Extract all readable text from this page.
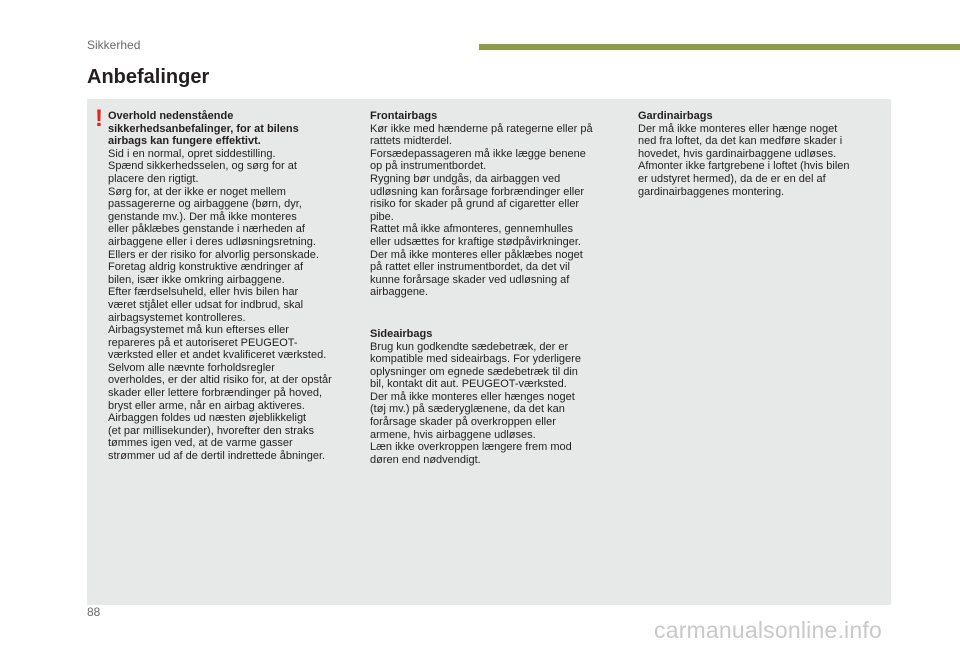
Sikkerhed
Anbefalinger
! Overhold nedenstående
sikkerhedsanbefalinger, for at bilens
airbags kan fungere effektivt.

Sid i en normal, opret siddestilling.
Spænd sikkerhedsselen, og sørg for at
placere den rigtigt.
Sørg for, at der ikke er noget mellem
passagererne og airbaggene (børn, dyr,
genstande mv.). Der må ikke monteres
eller påklæbes genstande i nærheden af
airbaggene eller i deres udløsningsretning.
Ellers er der risiko for alvorlig personskade.
Foretag aldrig konstruktive ændringer af
bilen, især ikke omkring airbaggene.
Efter færdselsuheld, eller hvis bilen har
været stjålet eller udsat for indbrud, skal
airbagsystemet kontrolleres.
Airbagsystemet må kun efterses eller
repareres på et autoriseret PEUGEOT-
værksted eller et andet kvalificeret værksted.
Selvom alle nævnte forholdsregler
overholdes, er der altid risiko for, at der opstår
skader eller lettere forbrændinger på hoved,
bryst eller arme, når en airbag aktiveres.
Airbaggen foldes ud næsten øjeblikkeligt
(et par millisekunder), hvorefter den straks
tømmes igen ved, at de varme gasser
strømmer ud af de dertil indrettede åbninger.

Frontairbags

Kør ikke med hænderne på rategerne eller på
rattets midterdel.
Forsædepassageren må ikke lægge benene
op på instrumentbordet.
Rygning bør undgås, da airbaggen ved
udløsning kan forårsage forbrændinger eller
risiko for skader på grund af cigaretter eller
pibe.
Rattet må ikke afmonteres, gennemhulles
eller udsættes for kraftige stødpåvirkninger.
Der må ikke monteres eller påklæbes noget
på rattet eller instrumentbordet, da det vil
kunne forårsage skader ved udløsning af
airbaggene.

Sideairbags

Brug kun godkendte sædebetræk, der er
kompatible med sideairbags. For yderligere
oplysninger om egnede sædebetræk til din
bil, kontakt dit aut. PEUGEOT-værksted.
Der må ikke monteres eller hænges noget
(tøj mv.) på sæderyglænene, da det kan
forårsage skader på overkroppen eller
armene, hvis airbaggene udløses.
Læn ikke overkroppen længere frem mod
døren end nødvendigt.

Gardinairbags

Der må ikke monteres eller hænge noget
ned fra loftet, da det kan medføre skader i
hovedet, hvis gardinairbaggene udløses.
Afmonter ikke fartgrebene i loftet (hvis bilen
er udstyret hermed), da de er en del af
gardinairbaggenes montering.

88
carmanualsonline.info
